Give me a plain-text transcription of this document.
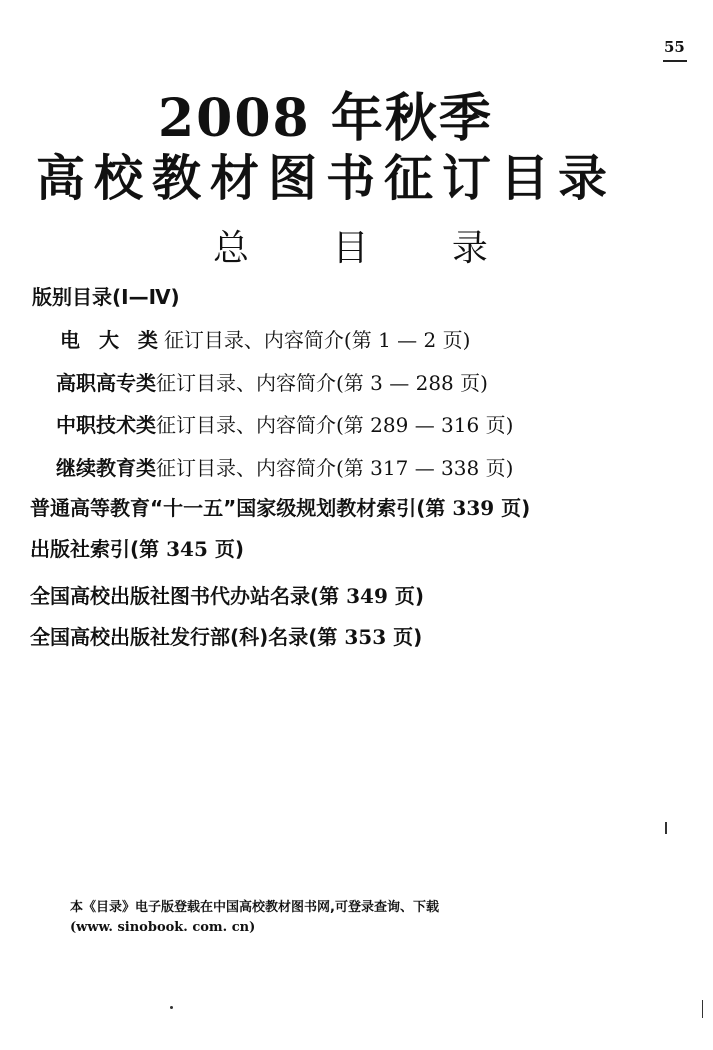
55
2008 年秋季
高校教材图书征订目录
总 目 录
版别目录(Ⅰ—Ⅳ)
电 大 类征订目录、内容简介(第 1 — 2 页)
高职高专类征订目录、内容简介(第 3 — 288 页)
中职技术类征订目录、内容简介(第 289 — 316 页)
继续教育类征订目录、内容简介(第 317 — 338 页)
普通高等教育“十一五”国家级规划教材索引(第 339 页)
出版社索引(第 345 页)
全国高校出版社图书代办站名录(第 349 页)
全国高校出版社发行部(科)名录(第 353 页)
本《目录》电子版登载在中国高校教材图书网,可登录查询、下载
(www. sinobook. com. cn)
